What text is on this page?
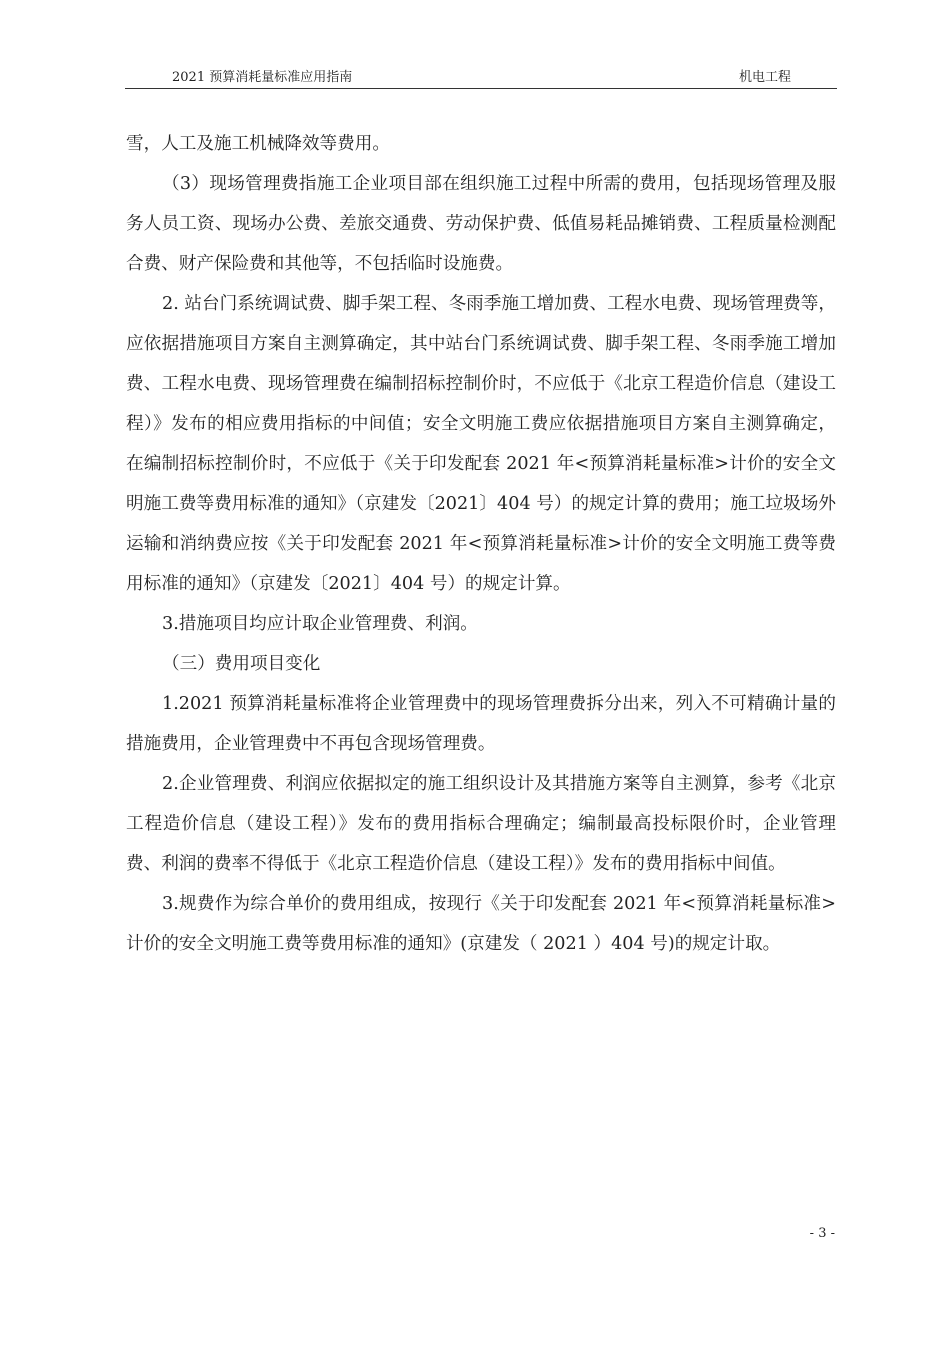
2021 预算消耗量标准应用指南	机电工程

雪，人工及施工机械降效等费用。

（3）现场管理费指施工企业项目部在组织施工过程中所需的费用，包括现场管理及服务人员工资、现场办公费、差旅交通费、劳动保护费、低值易耗品摊销费、工程质量检测配合费、财产保险费和其他等，不包括临时设施费。

2. 站台门系统调试费、脚手架工程、冬雨季施工增加费、工程水电费、现场管理费等，应依据措施项目方案自主测算确定，其中站台门系统调试费、脚手架工程、冬雨季施工增加费、工程水电费、现场管理费在编制招标控制价时，不应低于《北京工程造价信息（建设工程）》发布的相应费用指标的中间值；安全文明施工费应依据措施项目方案自主测算确定，在编制招标控制价时，不应低于《关于印发配套 2021 年<预算消耗量标准>计价的安全文明施工费等费用标准的通知》（京建发〔2021〕404 号）的规定计算的费用；施工垃圾场外运输和消纳费应按《关于印发配套 2021 年<预算消耗量标准>计价的安全文明施工费等费用标准的通知》（京建发〔2021〕404 号）的规定计算。

3.措施项目均应计取企业管理费、利润。

（三）费用项目变化

1.2021 预算消耗量标准将企业管理费中的现场管理费拆分出来，列入不可精确计量的措施费用，企业管理费中不再包含现场管理费。

2.企业管理费、利润应依据拟定的施工组织设计及其措施方案等自主测算，参考《北京工程造价信息（建设工程）》发布的费用指标合理确定；编制最高投标限价时，企业管理费、利润的费率不得低于《北京工程造价信息（建设工程）》发布的费用指标中间值。

3.规费作为综合单价的费用组成，按现行《关于印发配套 2021 年<预算消耗量标准>计价的安全文明施工费等费用标准的通知》(京建发（ 2021 ）404 号)的规定计取。

- 3 -
